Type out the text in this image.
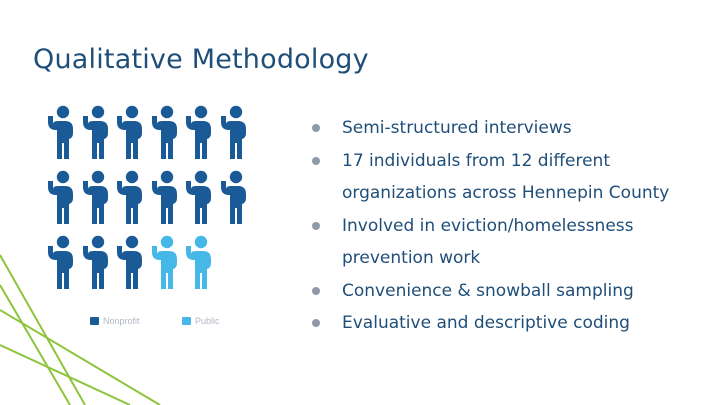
Qualitative Methodology
Nonprofit	Public
Semi-structured interviews
17 individuals from 12 different organizations across Hennepin County
Involved in eviction/homelessness prevention work
Convenience & snowball sampling
Evaluative and descriptive coding
